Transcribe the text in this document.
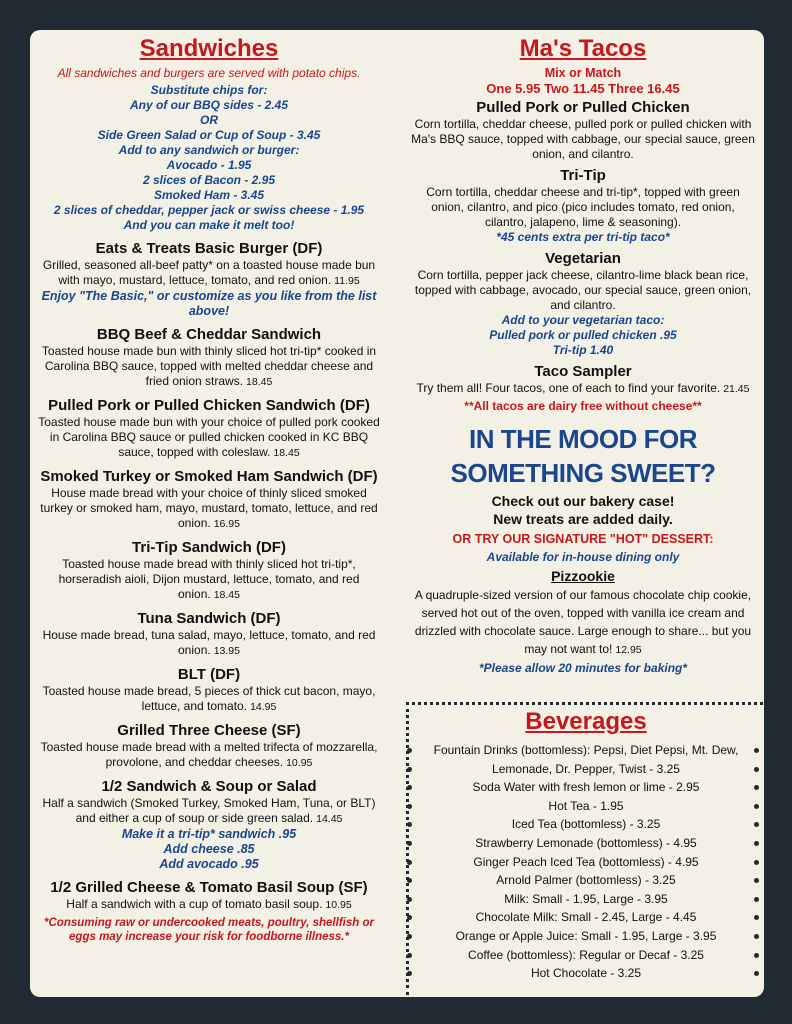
Sandwiches
All sandwiches and burgers are served with potato chips.
Substitute chips for:
Any of our BBQ sides - 2.45
OR
Side Green Salad or Cup of Soup - 3.45
Add to any sandwich or burger:
Avocado - 1.95
2 slices of Bacon - 2.95
Smoked Ham - 3.45
2 slices of cheddar, pepper jack or swiss cheese - 1.95
And you can make it melt too!
Eats & Treats Basic Burger (DF)
Grilled, seasoned all-beef patty* on a toasted house made bun with mayo, mustard, lettuce, tomato, and red onion. 11.95
Enjoy "The Basic," or customize as you like from the list above!
BBQ Beef & Cheddar Sandwich
Toasted house made bun with thinly sliced hot tri-tip* cooked in Carolina BBQ sauce, topped with melted cheddar cheese and fried onion straws. 18.45
Pulled Pork or Pulled Chicken Sandwich (DF)
Toasted house made bun with your choice of pulled pork cooked in Carolina BBQ sauce or pulled chicken cooked in KC BBQ sauce, topped with coleslaw. 18.45
Smoked Turkey or Smoked Ham Sandwich (DF)
House made bread with your choice of thinly sliced smoked turkey or smoked ham, mayo, mustard, tomato, lettuce, and red onion. 16.95
Tri-Tip Sandwich (DF)
Toasted house made bread with thinly sliced hot tri-tip*, horseradish aioli, Dijon mustard, lettuce, tomato, and red onion. 18.45
Tuna Sandwich (DF)
House made bread, tuna salad, mayo, lettuce, tomato, and red onion. 13.95
BLT (DF)
Toasted house made bread, 5 pieces of thick cut bacon, mayo, lettuce, and tomato. 14.95
Grilled Three Cheese (SF)
Toasted house made bread with a melted trifecta of mozzarella, provolone, and cheddar cheeses. 10.95
1/2 Sandwich & Soup or Salad
Half a sandwich (Smoked Turkey, Smoked Ham, Tuna, or BLT) and either a cup of soup or side green salad. 14.45
Make it a tri-tip* sandwich .95
Add cheese .85
Add avocado .95
1/2 Grilled Cheese & Tomato Basil Soup (SF)
Half a sandwich with a cup of tomato basil soup. 10.95
*Consuming raw or undercooked meats, poultry, shellfish or eggs may increase your risk for foodborne illness.*
Ma's Tacos
Mix or Match
One 5.95 Two 11.45 Three 16.45
Pulled Pork or Pulled Chicken
Corn tortilla, cheddar cheese, pulled pork or pulled chicken with Ma's BBQ sauce, topped with cabbage, our special sauce, green onion, and cilantro.
Tri-Tip
Corn tortilla, cheddar cheese and tri-tip*, topped with green onion, cilantro, and pico (pico includes tomato, red onion, cilantro, jalapeno, lime & seasoning).
*45 cents extra per tri-tip taco*
Vegetarian
Corn tortilla, pepper jack cheese, cilantro-lime black bean rice, topped with cabbage, avocado, our special sauce, green onion, and cilantro.
Add to your vegetarian taco:
Pulled pork or pulled chicken .95
Tri-tip 1.40
Taco Sampler
Try them all! Four tacos, one of each to find your favorite. 21.45
**All tacos are dairy free without cheese**
IN THE MOOD FOR
SOMETHING SWEET?
Check out our bakery case!
New treats are added daily.
OR TRY OUR SIGNATURE "HOT" DESSERT:
Available for in-house dining only
Pizzookie
A quadruple-sized version of our famous chocolate chip cookie, served hot out of the oven, topped with vanilla ice cream and drizzled with chocolate sauce. Large enough to share... but you may not want to! 12.95
*Please allow 20 minutes for baking*
Beverages
Fountain Drinks (bottomless): Pepsi, Diet Pepsi, Mt. Dew,
Lemonade, Dr. Pepper, Twist - 3.25
Soda Water with fresh lemon or lime - 2.95
Hot Tea - 1.95
Iced Tea (bottomless) - 3.25
Strawberry Lemonade (bottomless) - 4.95
Ginger Peach Iced Tea (bottomless) - 4.95
Arnold Palmer (bottomless) - 3.25
Milk: Small - 1.95, Large - 3.95
Chocolate Milk: Small - 2.45, Large - 4.45
Orange or Apple Juice: Small - 1.95, Large - 3.95
Coffee (bottomless): Regular or Decaf - 3.25
Hot Chocolate - 3.25
